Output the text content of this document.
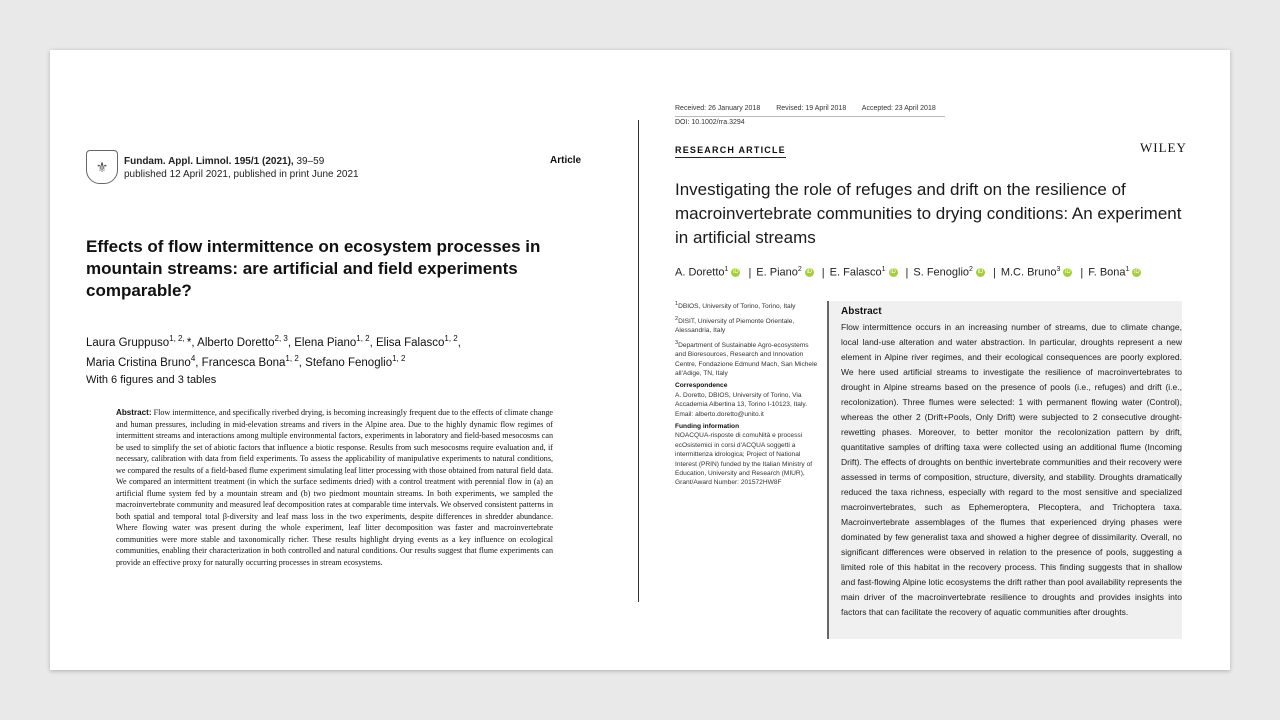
⚜	Fundam. Appl. Limnol. 195/1 (2021), 39–59
published 12 April 2021, published in print June 2021
Article
Effects of flow intermittence on ecosystem processes in mountain streams: are artificial and field experiments comparable?
Laura Gruppuso$^{1, 2,}$ *, Alberto Doretto$^{2, 3}$, Elena Piano$^{1, 2}$, Elisa Falasco$^{1, 2}$,
Maria Cristina Bruno$^4$, Francesca Bona$^{1, 2}$, Stefano Fenoglio$^{1, 2}$
With 6 figures and 3 tables
Abstract: Flow intermittence, and specifically riverbed drying, is becoming increasingly frequent due to the effects of climate change and human pressures, including in mid-elevation streams and rivers in the Alpine area. Due to the highly dynamic flow regimes of intermittent streams and interactions among multiple environmental factors, experiments in laboratory and field-based mesocosms can be used to simplify the set of abiotic factors that influence a biotic response. Results from such mesocosms require evaluation and, if necessary, calibration with data from field experiments. To assess the applicability of manipulative experiments to natural conditions, we compared the results of a field-based flume experiment simulating leaf litter processing with those obtained from natural field data. We compared an intermittent treatment (in which the surface sediments dried) with a control treatment with perennial flow in (a) an artificial flume system fed by a mountain stream and (b) two piedmont mountain streams. In both experiments, we sampled the macroinvertebrate community and measured leaf decomposition rates at comparable time intervals. We observed consistent patterns in both spatial and temporal total β-diversity and leaf mass loss in the two experiments, despite differences in shredder abundance. Where flowing water was present during the whole experiment, leaf litter decomposition was faster and macroinvertebrate communities were more stable and taxonomically richer. These results highlight drying events as a key influence on ecological communities, enabling their characterization in both controlled and natural conditions. Our results suggest that flume experiments can provide an effective proxy for naturally occurring processes in stream ecosystems.
Received: 26 January 2018 Revised: 19 April 2018 Accepted: 23 April 2018
DOI: 10.1002/rra.3294
RESEARCH ARTICLE	WILEY
Investigating the role of refuges and drift on the resilience of macroinvertebrate communities to drying conditions: An experiment in artificial streams
A. Doretto$^1$ iD | E. Piano$^2$ iD | E. Falasco$^1$ iD | S. Fenoglio$^2$ iD | M.C. Bruno$^3$ iD | F. Bona$^1$ iD

$^1$DBIOS, University of Torino, Torino, Italy

$^2$DISIT, University of Piemonte Orientale, Alessandria, Italy

$^3$Department of Sustainable Agro-ecosystems and Bioresources, Research and Innovation Centre, Fondazione Edmund Mach, San Michele all'Adige, TN, Italy

Correspondence
A. Doretto, DBIOS, University of Torino, Via Accademia Albertina 13, Torino I-10123, Italy. Email: alberto.doretto@unito.it

Funding information
NOACQUA-risposte di comuNità e processi ecOsistemici in corsi d'ACQUA soggetti a intermittenza idrologica; Project of National Interest (PRIN) funded by the Italian Ministry of Education, University and Research (MIUR), Grant/Award Number: 201572HW8F

Abstract
Flow intermittence occurs in an increasing number of streams, due to climate change, local land-use alteration and water abstraction. In particular, droughts represent a new element in Alpine river regimes, and their ecological consequences are poorly explored. We here used artificial streams to investigate the resilience of macroinvertebrates to drought in Alpine streams based on the presence of pools (i.e., refuges) and drift (i.e., recolonization). Three flumes were selected: 1 with permanent flowing water (Control), whereas the other 2 (Drift+Pools, Only Drift) were subjected to 2 consecutive drought-rewetting phases. Moreover, to better monitor the recolonization pattern by drift, quantitative samples of drifting taxa were collected using an additional flume (Incoming Drift). The effects of droughts on benthic invertebrate communities and their recovery were assessed in terms of composition, structure, diversity, and stability. Droughts dramatically reduced the taxa richness, especially with regard to the most sensitive and specialized macroinvertebrates, such as Ephemeroptera, Plecoptera, and Trichoptera taxa. Macroinvertebrate assemblages of the flumes that experienced drying phases were dominated by few generalist taxa and showed a higher degree of dissimilarity. Overall, no significant differences were observed in relation to the presence of pools, suggesting a limited role of this habitat in the recovery process. This finding suggests that in shallow and fast-flowing Alpine lotic ecosystems the drift rather than pool availability represents the main driver of the macroinvertebrate resilience to droughts and provides insights into factors that can facilitate the recovery of aquatic communities after droughts.
